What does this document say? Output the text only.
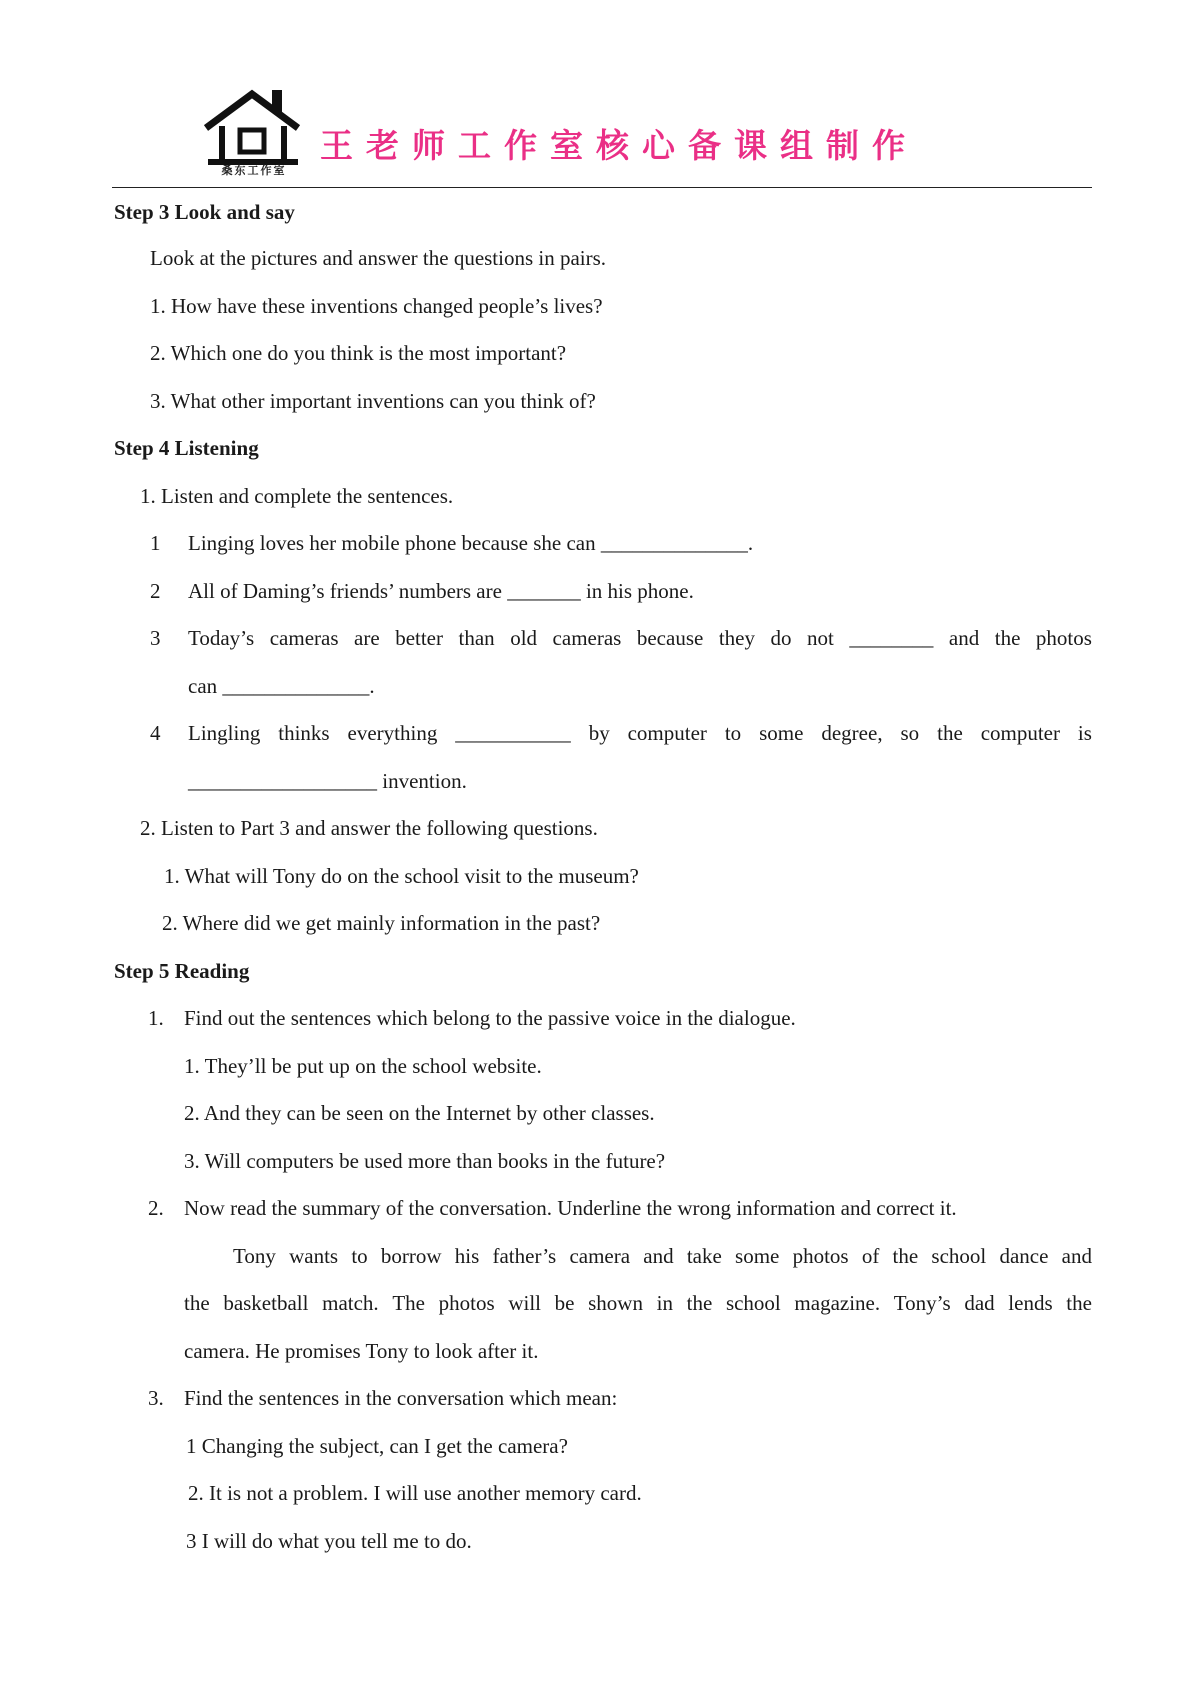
桑东工作室
王老师工作室核心备课组制作
Step 3 Look and say
Look at the pictures and answer the questions in pairs.
1. How have these inventions changed people’s lives?
2. Which one do you think is the most important?
3. What other important inventions can you think of?
Step 4 Listening
1. Listen and complete the sentences.
1 Linging loves her mobile phone because she can ______________.
2 All of Daming’s friends’ numbers are _______ in his phone.
3 Today’s cameras are better than old cameras because they do not ________ and the photos
can ______________.
4 Lingling thinks everything ___________ by computer to some degree, so the computer is
__________________ invention.
2. Listen to Part 3 and answer the following questions.
1. What will Tony do on the school visit to the museum?
2. Where did we get mainly information in the past?
Step 5 Reading
1. Find out the sentences which belong to the passive voice in the dialogue.
1. They’ll be put up on the school website.
2. And they can be seen on the Internet by other classes.
3. Will computers be used more than books in the future?
2. Now read the summary of the conversation. Underline the wrong information and correct it.
Tony wants to borrow his father’s camera and take some photos of the school dance and
the basketball match. The photos will be shown in the school magazine. Tony’s dad lends the
camera. He promises Tony to look after it.
3. Find the sentences in the conversation which mean:
1 Changing the subject, can I get the camera?
2. It is not a problem. I will use another memory card.
3 I will do what you tell me to do.
